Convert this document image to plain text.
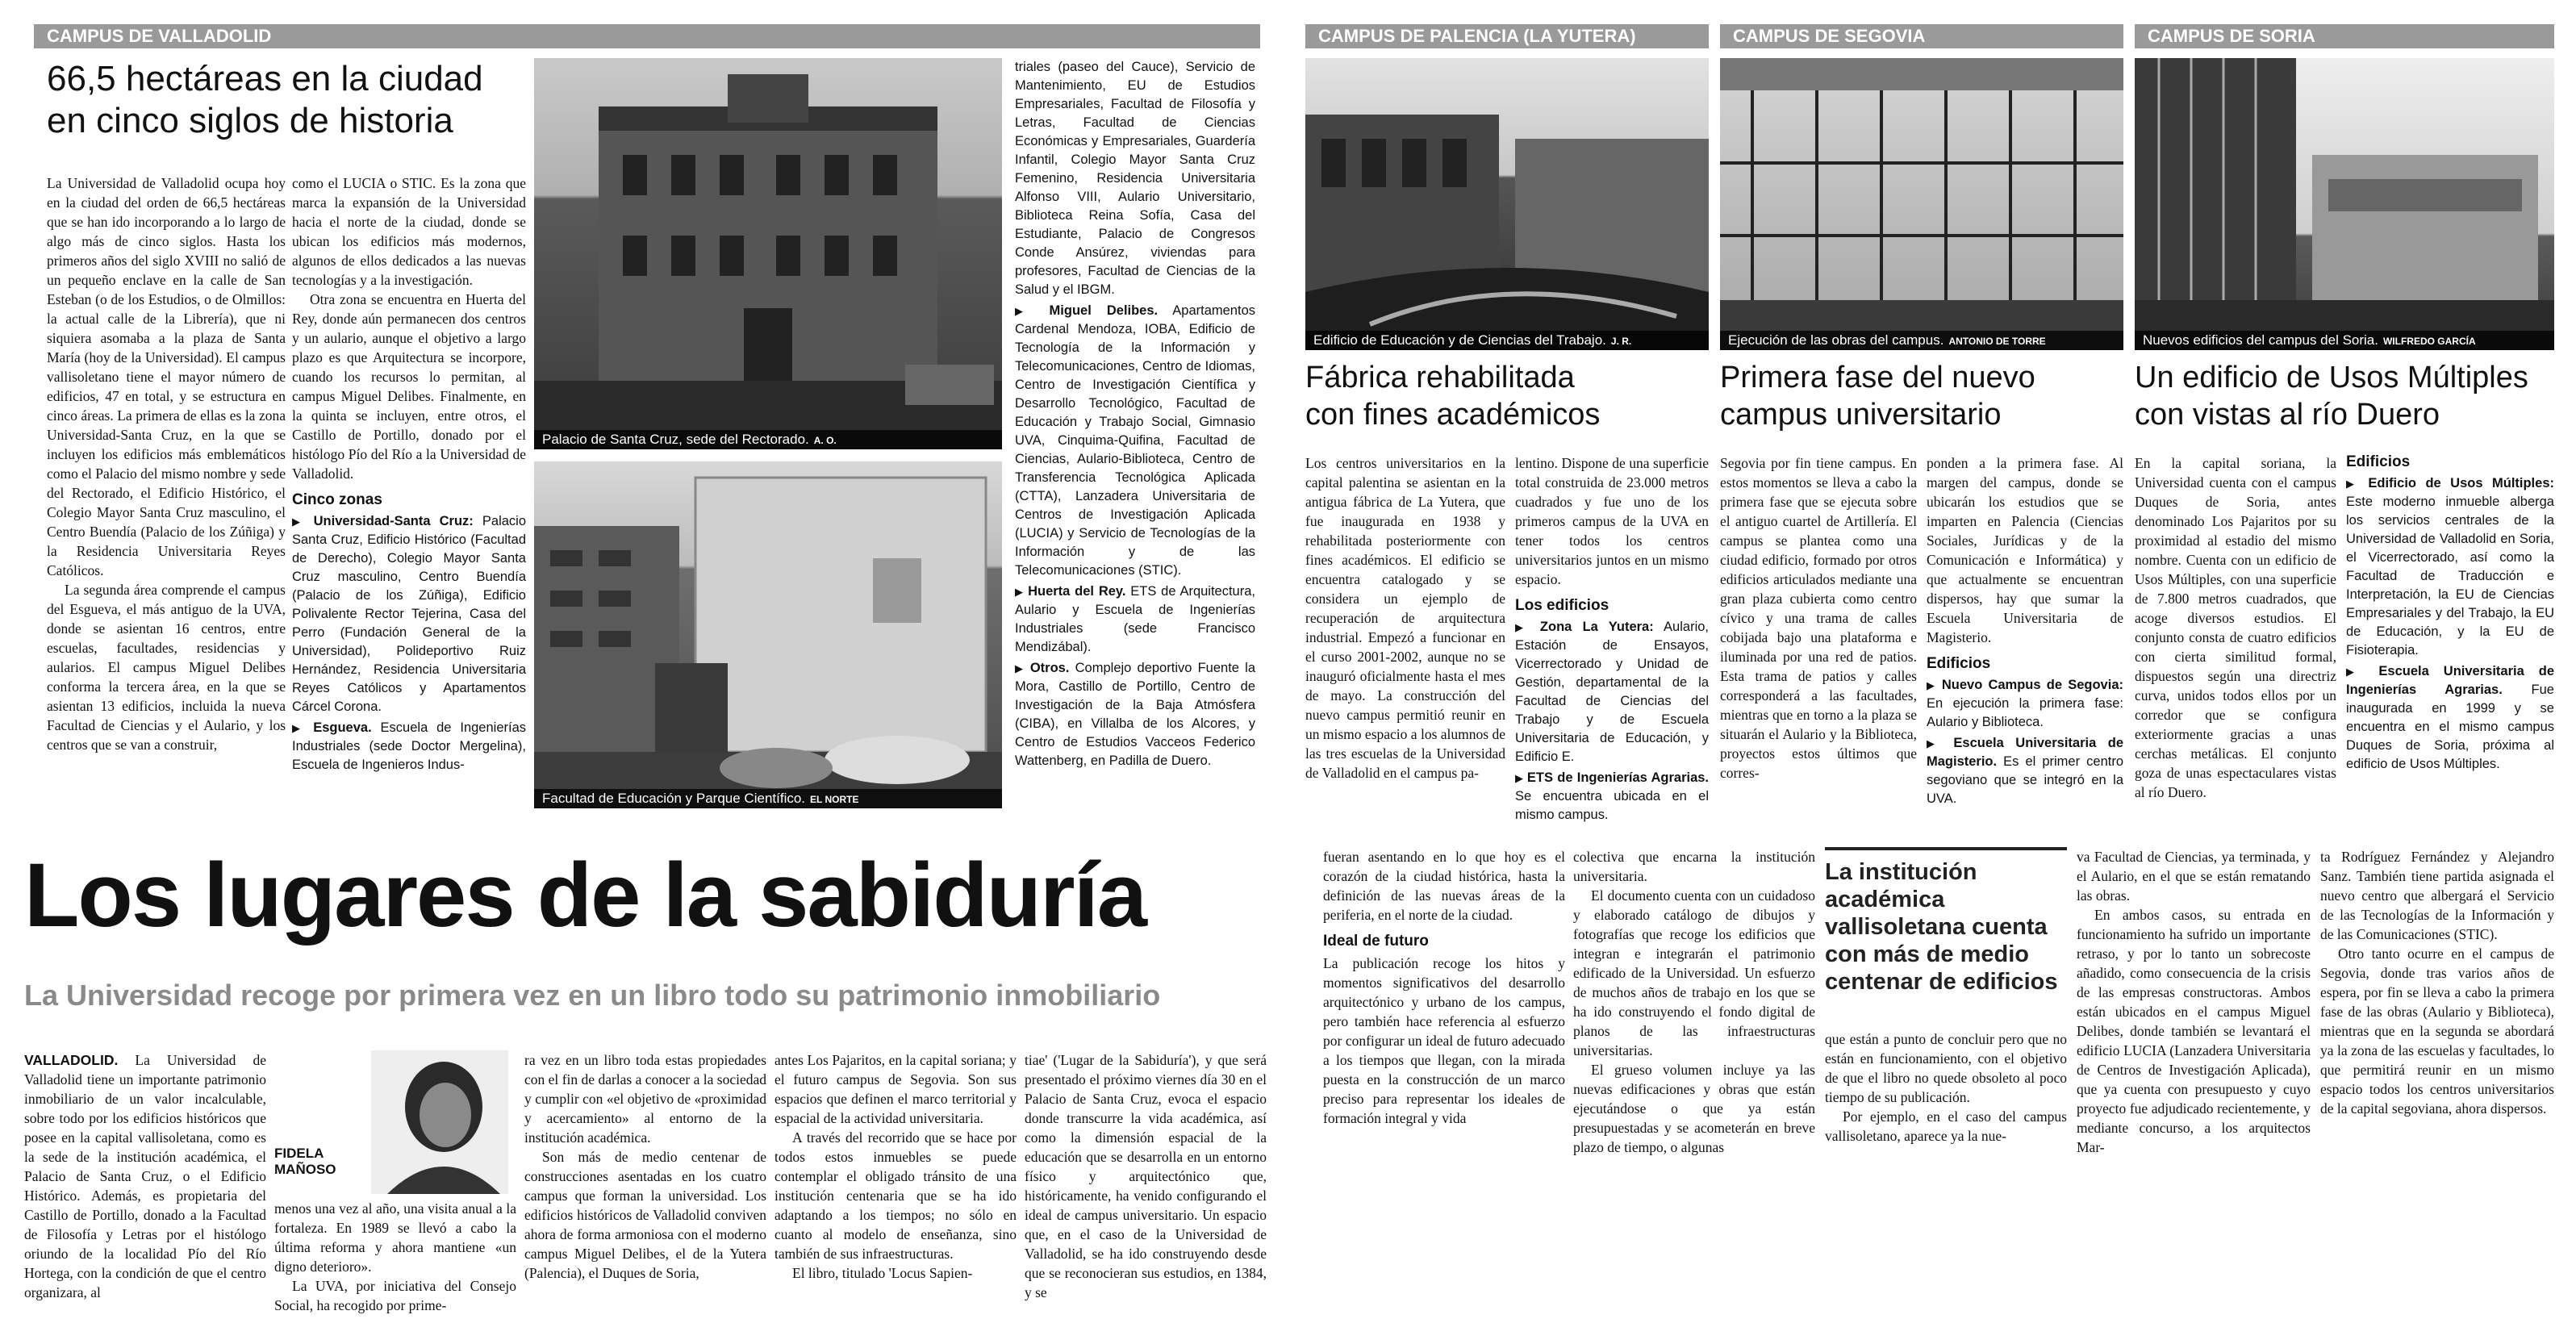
CAMPUS DE VALLADOLID
66,5 hectáreas en la ciudad
en cinco siglos de historia

La Universidad de Valladolid ocupa hoy en la ciudad del orden de 66,5 hectáreas que se han ido incorporando a lo largo de algo más de cinco siglos. Hasta los primeros años del siglo XVIII no salió de un pequeño enclave en la calle de San Esteban (o de los Estudios, o de Olmillos: la actual calle de la Librería), que ni siquiera asomaba a la plaza de Santa María (hoy de la Universidad). El campus vallisoletano tiene el mayor número de edificios, 47 en total, y se estructura en cinco áreas. La primera de ellas es la zona Universidad-Santa Cruz, en la que se incluyen los edificios más emblemáticos como el Palacio del mismo nombre y sede del Rectorado, el Edificio Histórico, el Colegio Mayor Santa Cruz masculino, el Centro Buendía (Palacio de los Zúñiga) y la Residencia Universitaria Reyes Católicos.

La segunda área comprende el campus del Esgueva, el más antiguo de la UVA, donde se asientan 16 centros, entre escuelas, facultades, residencias y aularios. El campus Miguel Delibes conforma la tercera área, en la que se asientan 13 edificios, incluida la nueva Facultad de Ciencias y el Aulario, y los centros que se van a construir,

como el LUCIA o STIC. Es la zona que marca la expansión de la Universidad hacia el norte de la ciudad, donde se ubican los edificios más modernos, algunos de ellos dedicados a las nuevas tecnologías y a la investigación.

Otra zona se encuentra en Huerta del Rey, donde aún permanecen dos centros y un aulario, aunque el objetivo a largo plazo es que Arquitectura se incorpore, cuando los recursos lo permitan, al campus Miguel Delibes. Finalmente, en la quinta se incluyen, entre otros, el Castillo de Portillo, donado por el histólogo Pío del Río a la Universidad de Valladolid.

Cinco zonas
▶ Universidad-Santa Cruz: Palacio Santa Cruz, Edificio Histórico (Facultad de Derecho), Colegio Mayor Santa Cruz masculino, Centro Buendía (Palacio de los Zúñiga), Edificio Polivalente Rector Tejerina, Casa del Perro (Fundación General de la Universidad), Polideportivo Ruiz Hernández, Residencia Universitaria Reyes Católicos y Apartamentos Cárcel Corona.
▶ Esgueva. Escuela de Ingenierías Industriales (sede Doctor Mergelina), Escuela de Ingenieros Indus-
Palacio de Santa Cruz, sede del Rectorado. A. O.
Facultad de Educación y Parque Científico. EL NORTE
triales (paseo del Cauce), Servicio de Mantenimiento, EU de Estudios Empresariales, Facultad de Filosofía y Letras, Facultad de Ciencias Económicas y Empresariales, Guardería Infantil, Colegio Mayor Santa Cruz Femenino, Residencia Universitaria Alfonso VIII, Aulario Universitario, Biblioteca Reina Sofía, Casa del Estudiante, Palacio de Congresos Conde Ansúrez, viviendas para profesores, Facultad de Ciencias de la Salud y el IBGM.
▶ Miguel Delibes. Apartamentos Cardenal Mendoza, IOBA, Edificio de Tecnología de la Información y Telecomunicaciones, Centro de Idiomas, Centro de Investigación Científica y Desarrollo Tecnológico, Facultad de Educación y Trabajo Social, Gimnasio UVA, Cinquima-Quifina, Facultad de Ciencias, Aulario-Biblioteca, Centro de Transferencia Tecnológica Aplicada (CTTA), Lanzadera Universitaria de Centros de Investigación Aplicada (LUCIA) y Servicio de Tecnologías de la Información y de las Telecomunicaciones (STIC).
▶ Huerta del Rey. ETS de Arquitectura, Aulario y Escuela de Ingenierías Industriales (sede Francisco Mendizábal).
▶ Otros. Complejo deportivo Fuente la Mora, Castillo de Portillo, Centro de Investigación de la Baja Atmósfera (CIBA), en Villalba de los Alcores, y Centro de Estudios Vacceos Federico Wattenberg, en Padilla de Duero.
CAMPUS DE PALENCIA (LA YUTERA)
Edificio de Educación y de Ciencias del Trabajo. J. R.
Fábrica rehabilitada
con fines académicos

Los centros universitarios en la capital palentina se asientan en la antigua fábrica de La Yutera, que fue inaugurada en 1938 y rehabilitada posteriormente con fines académicos. El edificio se encuentra catalogado y se considera un ejemplo de recuperación de arquitectura industrial. Empezó a funcionar en el curso 2001-2002, aunque no se inauguró oficialmente hasta el mes de mayo. La construcción del nuevo campus permitió reunir en un mismo espacio a los alumnos de las tres escuelas de la Universidad de Valladolid en el campus pa-

lentino. Dispone de una superficie total construida de 23.000 metros cuadrados y fue uno de los primeros campus de la UVA en tener todos los centros universitarios juntos en un mismo espacio.

Los edificios
▶ Zona La Yutera: Aulario, Estación de Ensayos, Vicerrectorado y Unidad de Gestión, departamental de la Facultad de Ciencias del Trabajo y de Escuela Universitaria de Educación, y Edificio E.
▶ ETS de Ingenierías Agrarias. Se encuentra ubicada en el mismo campus.
CAMPUS DE SEGOVIA
Ejecución de las obras del campus. ANTONIO DE TORRE
Primera fase del nuevo
campus universitario

Segovia por fin tiene campus. En estos momentos se lleva a cabo la primera fase que se ejecuta sobre el antiguo cuartel de Artillería. El campus se plantea como una ciudad edificio, formado por otros edificios articulados mediante una gran plaza cubierta como centro cívico y una trama de calles cobijada bajo una plataforma e iluminada por una red de patios. Esta trama de patios y calles corresponderá a las facultades, mientras que en torno a la plaza se situarán el Aulario y la Biblioteca, proyectos estos últimos que corres-

ponden a la primera fase. Al margen del campus, donde se ubicarán los estudios que se imparten en Palencia (Ciencias Sociales, Jurídicas y de la Comunicación e Informática) y que actualmente se encuentran dispersos, hay que sumar la Escuela Universitaria de Magisterio.

Edificios
▶ Nuevo Campus de Segovia: En ejecución la primera fase: Aulario y Biblioteca.
▶ Escuela Universitaria de Magisterio. Es el primer centro segoviano que se integró en la UVA.
CAMPUS DE SORIA
Nuevos edificios del campus del Soria. WILFREDO GARCÍA
Un edificio de Usos Múltiples
con vistas al río Duero

En la capital soriana, la Universidad cuenta con el campus Duques de Soria, antes denominado Los Pajaritos por su proximidad al estadio del mismo nombre. Cuenta con un edificio de Usos Múltiples, con una superficie de 7.800 metros cuadrados, que acoge diversos estudios. El conjunto consta de cuatro edificios con cierta similitud formal, dispuestos según una directriz curva, unidos todos ellos por un corredor que se configura exteriormente gracias a unas cerchas metálicas. El conjunto goza de unas espectaculares vistas al río Duero.

Edificios
▶ Edificio de Usos Múltiples: Este moderno inmueble alberga los servicios centrales de la Universidad de Valladolid en Soria, el Vicerrectorado, así como la Facultad de Traducción e Interpretación, la EU de Ciencias Empresariales y del Trabajo, la EU de Educación, y la EU de Fisioterapia.
▶ Escuela Universitaria de Ingenierías Agrarias. Fue inaugurada en 1999 y se encuentra en el mismo campus Duques de Soria, próxima al edificio de Usos Múltiples.
Los lugares de la sabiduría
La Universidad recoge por primera vez en un libro todo su patrimonio inmobiliario

VALLADOLID. La Universidad de Valladolid tiene un importante patrimonio inmobiliario de un valor incalculable, sobre todo por los edificios históricos que posee en la capital vallisoletana, como es la sede de la institución académica, el Palacio de Santa Cruz, o el Edificio Histórico. Además, es propietaria del Castillo de Portillo, donado a la Facultad de Filosofía y Letras por el histólogo oriundo de la localidad Pío del Río Hortega, con la condición de que el centro organizara, al

FIDELA
MAÑOSO

menos una vez al año, una visita anual a la fortaleza. En 1989 se llevó a cabo la última reforma y ahora mantiene «un digno deterioro».

La UVA, por iniciativa del Consejo Social, ha recogido por prime-

ra vez en un libro toda estas propiedades con el fin de darlas a conocer a la sociedad y cumplir con «el objetivo de «proximidad y acercamiento» al entorno de la institución académica.

Son más de medio centenar de construcciones asentadas en los cuatro campus que forman la universidad. Los edificios históricos de Valladolid conviven ahora de forma armoniosa con el moderno campus Miguel Delibes, el de la Yutera (Palencia), el Duques de Soria,

antes Los Pajaritos, en la capital soriana; y el futuro campus de Segovia. Son sus espacios que definen el marco territorial y espacial de la actividad universitaria.

A través del recorrido que se hace por todos estos inmuebles se puede contemplar el obligado tránsito de una institución centenaria que se ha ido adaptando a los tiempos; no sólo en cuanto al modelo de enseñanza, sino también de sus infraestructuras.

El libro, titulado 'Locus Sapien-

tiae' ('Lugar de la Sabiduría'), y que será presentado el próximo viernes día 30 en el Palacio de Santa Cruz, evoca el espacio donde transcurre la vida académica, así como la dimensión espacial de la educación que se desarrolla en un entorno físico y arquitectónico que, históricamente, ha venido configurando el ideal de campus universitario. Un espacio que, en el caso de la Universidad de Valladolid, se ha ido construyendo desde que se reconocieran sus estudios, en 1384, y se

fueran asentando en lo que hoy es el corazón de la ciudad histórica, hasta la definición de las nuevas áreas de la periferia, en el norte de la ciudad.

Ideal de futuro

La publicación recoge los hitos y momentos significativos del desarrollo arquitectónico y urbano de los campus, pero también hace referencia al esfuerzo por configurar un ideal de futuro adecuado a los tiempos que llegan, con la mirada puesta en la construcción de un marco preciso para representar los ideales de formación integral y vida

colectiva que encarna la institución universitaria.

El documento cuenta con un cuidadoso y elaborado catálogo de dibujos y fotografías que recoge los edificios que integran e integrarán el patrimonio edificado de la Universidad. Un esfuerzo de muchos años de trabajo en los que se ha ido construyendo el fondo digital de planos de las infraestructuras universitarias.

El grueso volumen incluye ya las nuevas edificaciones y obras que están ejecutándose o que ya están presupuestadas y se acometerán en breve plazo de tiempo, o algunas

La institución académica vallisoletana cuenta con más de medio centenar de edificios

que están a punto de concluir pero que no están en funcionamiento, con el objetivo de que el libro no quede obsoleto al poco tiempo de su publicación.

Por ejemplo, en el caso del campus vallisoletano, aparece ya la nue-

va Facultad de Ciencias, ya terminada, y el Aulario, en el que se están rematando las obras.

En ambos casos, su entrada en funcionamiento ha sufrido un importante retraso, y por lo tanto un sobrecoste añadido, como consecuencia de la crisis de las empresas constructoras. Ambos están ubicados en el campus Miguel Delibes, donde también se levantará el edificio LUCIA (Lanzadera Universitaria de Centros de Investigación Aplicada), que ya cuenta con presupuesto y cuyo proyecto fue adjudicado recientemente, y mediante concurso, a los arquitectos Mar-

ta Rodríguez Fernández y Alejandro Sanz. También tiene partida asignada el nuevo centro que albergará el Servicio de las Tecnologías de la Información y de las Comunicaciones (STIC).

Otro tanto ocurre en el campus de Segovia, donde tras varios años de espera, por fin se lleva a cabo la primera fase de las obras (Aulario y Biblioteca), mientras que en la segunda se abordará ya la zona de las escuelas y facultades, lo que permitirá reunir en un mismo espacio todos los centros universitarios de la capital segoviana, ahora dispersos.
